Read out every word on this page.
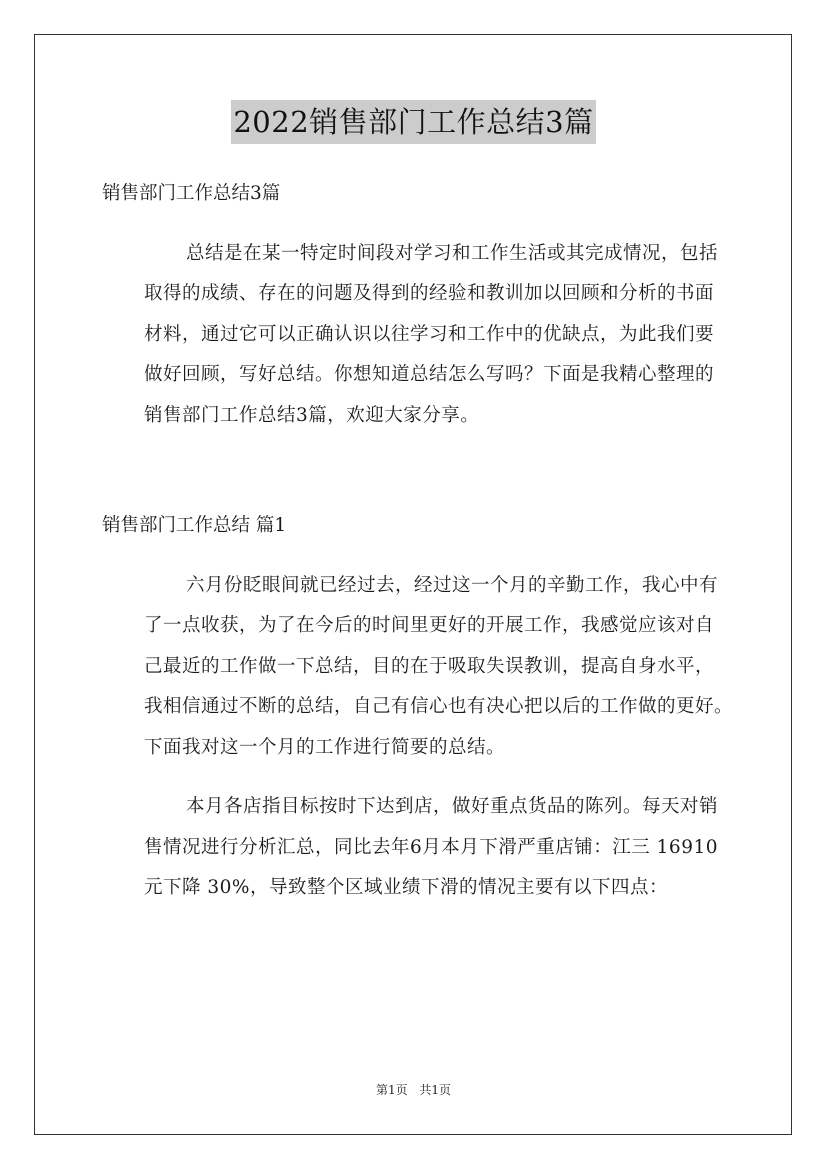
2022销售部门工作总结3篇

销售部门工作总结3篇

总结是在某一特定时间段对学习和工作生活或其完成情况，包括
取得的成绩、存在的问题及得到的经验和教训加以回顾和分析的书面
材料，通过它可以正确认识以往学习和工作中的优缺点，为此我们要
做好回顾，写好总结。你想知道总结怎么写吗？下面是我精心整理的
销售部门工作总结3篇，欢迎大家分享。

销售部门工作总结 篇1

六月份眨眼间就已经过去，经过这一个月的辛勤工作，我心中有
了一点收获，为了在今后的时间里更好的开展工作，我感觉应该对自
己最近的工作做一下总结，目的在于吸取失误教训，提高自身水平，
我相信通过不断的总结，自己有信心也有决心把以后的工作做的更好。
下面我对这一个月的工作进行简要的总结。

本月各店指目标按时下达到店，做好重点货品的陈列。每天对销
售情况进行分析汇总，同比去年6月本月下滑严重店铺：江三 16910
元下降 30%，导致整个区域业绩下滑的情况主要有以下四点：

第1页 共1页
